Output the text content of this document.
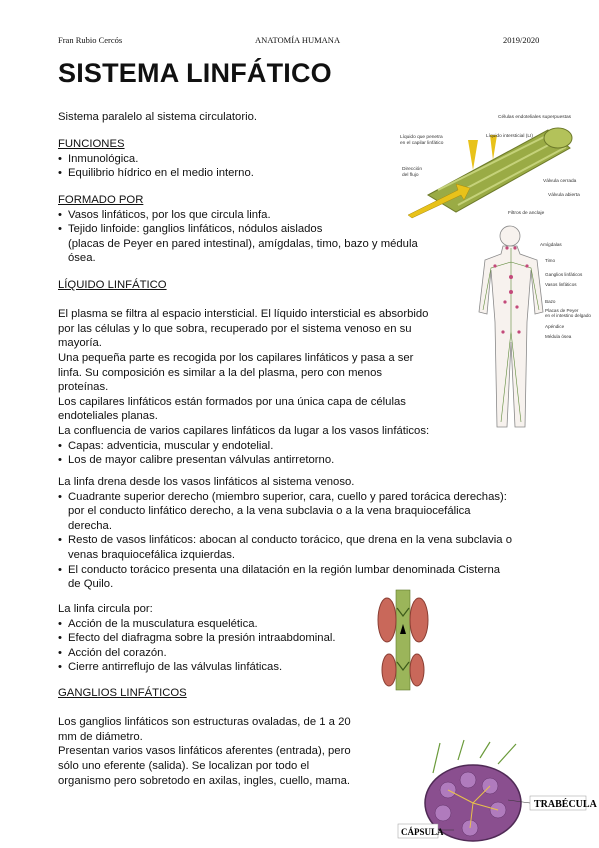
Fran Rubio Cercós	ANATOMÍA HUMANA	2019/2020
SISTEMA LINFÁTICO

Sistema paralelo al sistema circulatorio.

FUNCIONES
• Inmunológica.
• Equilibrio hídrico en el medio interno.
FORMADO POR
• Vasos linfáticos, por los que circula linfa.
• Tejido linfoide: ganglios linfáticos, nódulos aislados
(placas de Peyer en pared intestinal), amígdalas, timo, bazo y médula
ósea.
LÍQUIDO LINFÁTICO
El plasma se filtra al espacio intersticial. El líquido intersticial es absorbido
por las células y lo que sobra, recuperado por el sistema venoso en su
mayoría.
Una pequeña parte es recogida por los capilares linfáticos y pasa a ser
linfa. Su composición es similar a la del plasma, pero con menos
proteínas.
Los capilares linfáticos están formados por una única capa de células
endoteliales planas.
La confluencia de varios capilares linfáticos da lugar a los vasos linfáticos:
• Capas: adventicia, muscular y endotelial.
• Los de mayor calibre presentan válvulas antirretorno.
La linfa drena desde los vasos linfáticos al sistema venoso.
• Cuadrante superior derecho (miembro superior, cara, cuello y pared torácica derechas):
por el conducto linfático derecho, a la vena subclavia o a la vena braquiocefálica
derecha.
• Resto de vasos linfáticos: abocan al conducto torácico, que drena en la vena subclavia o
venas braquiocefálica izquierdas.
• El conducto torácico presenta una dilatación en la región lumbar denominada Cisterna
de Quilo.
La linfa circula por:
• Acción de la musculatura esquelética.
• Efecto del diafragma sobre la presión intraabdominal.
• Acción del corazón.
• Cierre antirreflujo de las válvulas linfáticas.
GANGLIOS LINFÁTICOS
Los ganglios linfáticos son estructuras ovaladas, de 1 a 20
mm de diámetro.
Presentan varios vasos linfáticos aferentes (entrada), pero
sólo uno eferente (salida). Se localizan por todo el
organismo pero sobretodo en axilas, ingles, cuello, mama.
Células endoteliales superpuestas
Líquido que penetra
en el capilar linfático
Líquido intersticial (LI)
Dirección
del flujo
Válvula cerrada
Válvula abierta
Filtros de anclaje
Amígdalas
Timo
Ganglios linfáticos
Vasos linfáticos
Bazo
Placas de Peyer
en el intestino delgado
Apéndice
Médula ósea
TRABÉCULA
CÁPSULA
